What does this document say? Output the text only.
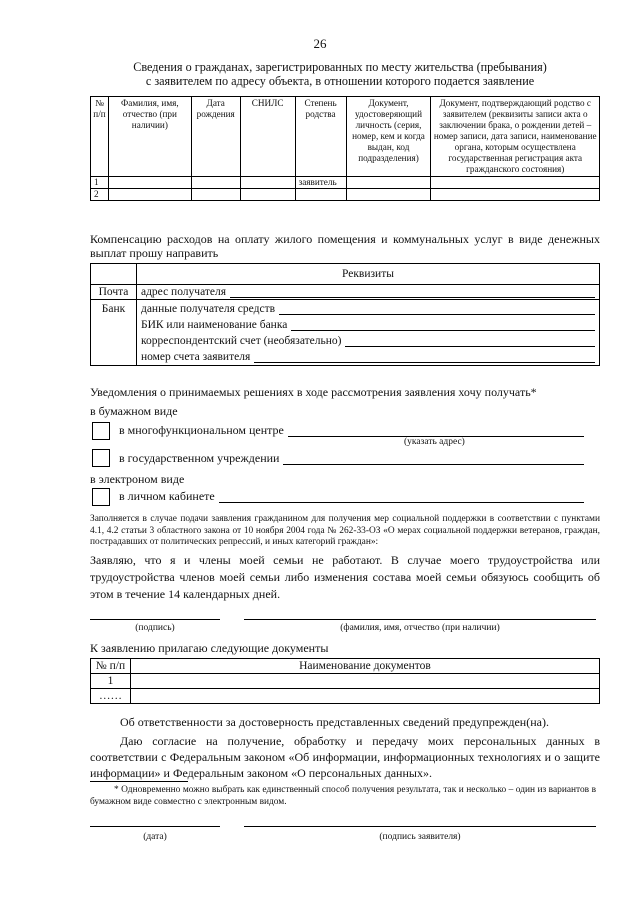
26
Сведения о гражданах, зарегистрированных по месту жительства (пребывания)
с заявителем по адресу объекта, в отношении которого подается заявление
№ п/п	Фамилия, имя, отчество (при наличии)	Дата рождения	СНИЛС	Степень родства	Документ, удостоверяющий личность (серия, номер, кем и когда выдан, код подразделения)	Документ, подтверждающий родство с заявителем (реквизиты записи акта о заключении брака, о рождении детей – номер записи, дата записи, наименование органа, которым осуществлена государственная регистрация акта гражданского состояния)
1				заявитель		
2						
Компенсацию расходов на оплату жилого помещения и коммунальных услуг в виде денежных выплат прошу направить
	Реквизиты
Почта	адрес получателя

Банк	данные получателя средств
БИК или наименование банка
корреспондентский счет (необязательно)
номер счета заявителя
Уведомления о принимаемых решениях в ходе рассмотрения заявления хочу получать*
в бумажном виде
в многофункциональном центре
(указать адрес)
в государственном учреждении
в электроном виде
в личном кабинете
Заполняется в случае подачи заявления гражданином для получения мер социальной поддержки в соответствии с пунктами 4.1, 4.2 статьи 3 областного закона от 10 ноября 2004 года № 262-33-ОЗ «О мерах социальной поддержки ветеранов, граждан, пострадавших от политических репрессий, и иных категорий граждан»:
Заявляю, что я и члены моей семьи не работают. В случае моего трудоустройства или трудоустройства членов моей семьи либо изменения состава моей семьи обязуюсь сообщить об этом в течение 14 календарных дней.
(подпись)	(фамилия, имя, отчество (при наличии)
К заявлению прилагаю следующие документы
№ п/п	Наименование документов
1	
……	
Об ответственности за достоверность представленных сведений предупрежден(на).
Даю согласие на получение, обработку и передачу моих персональных данных в соответствии с Федеральным законом «Об информации, информационных технологиях и о защите информации» и Федеральным законом «О персональных данных».
* Одновременно можно выбрать как единственный способ получения результата, так и несколько – один из вариантов в бумажном виде совместно с электронным видом.
(дата)	(подпись заявителя)
